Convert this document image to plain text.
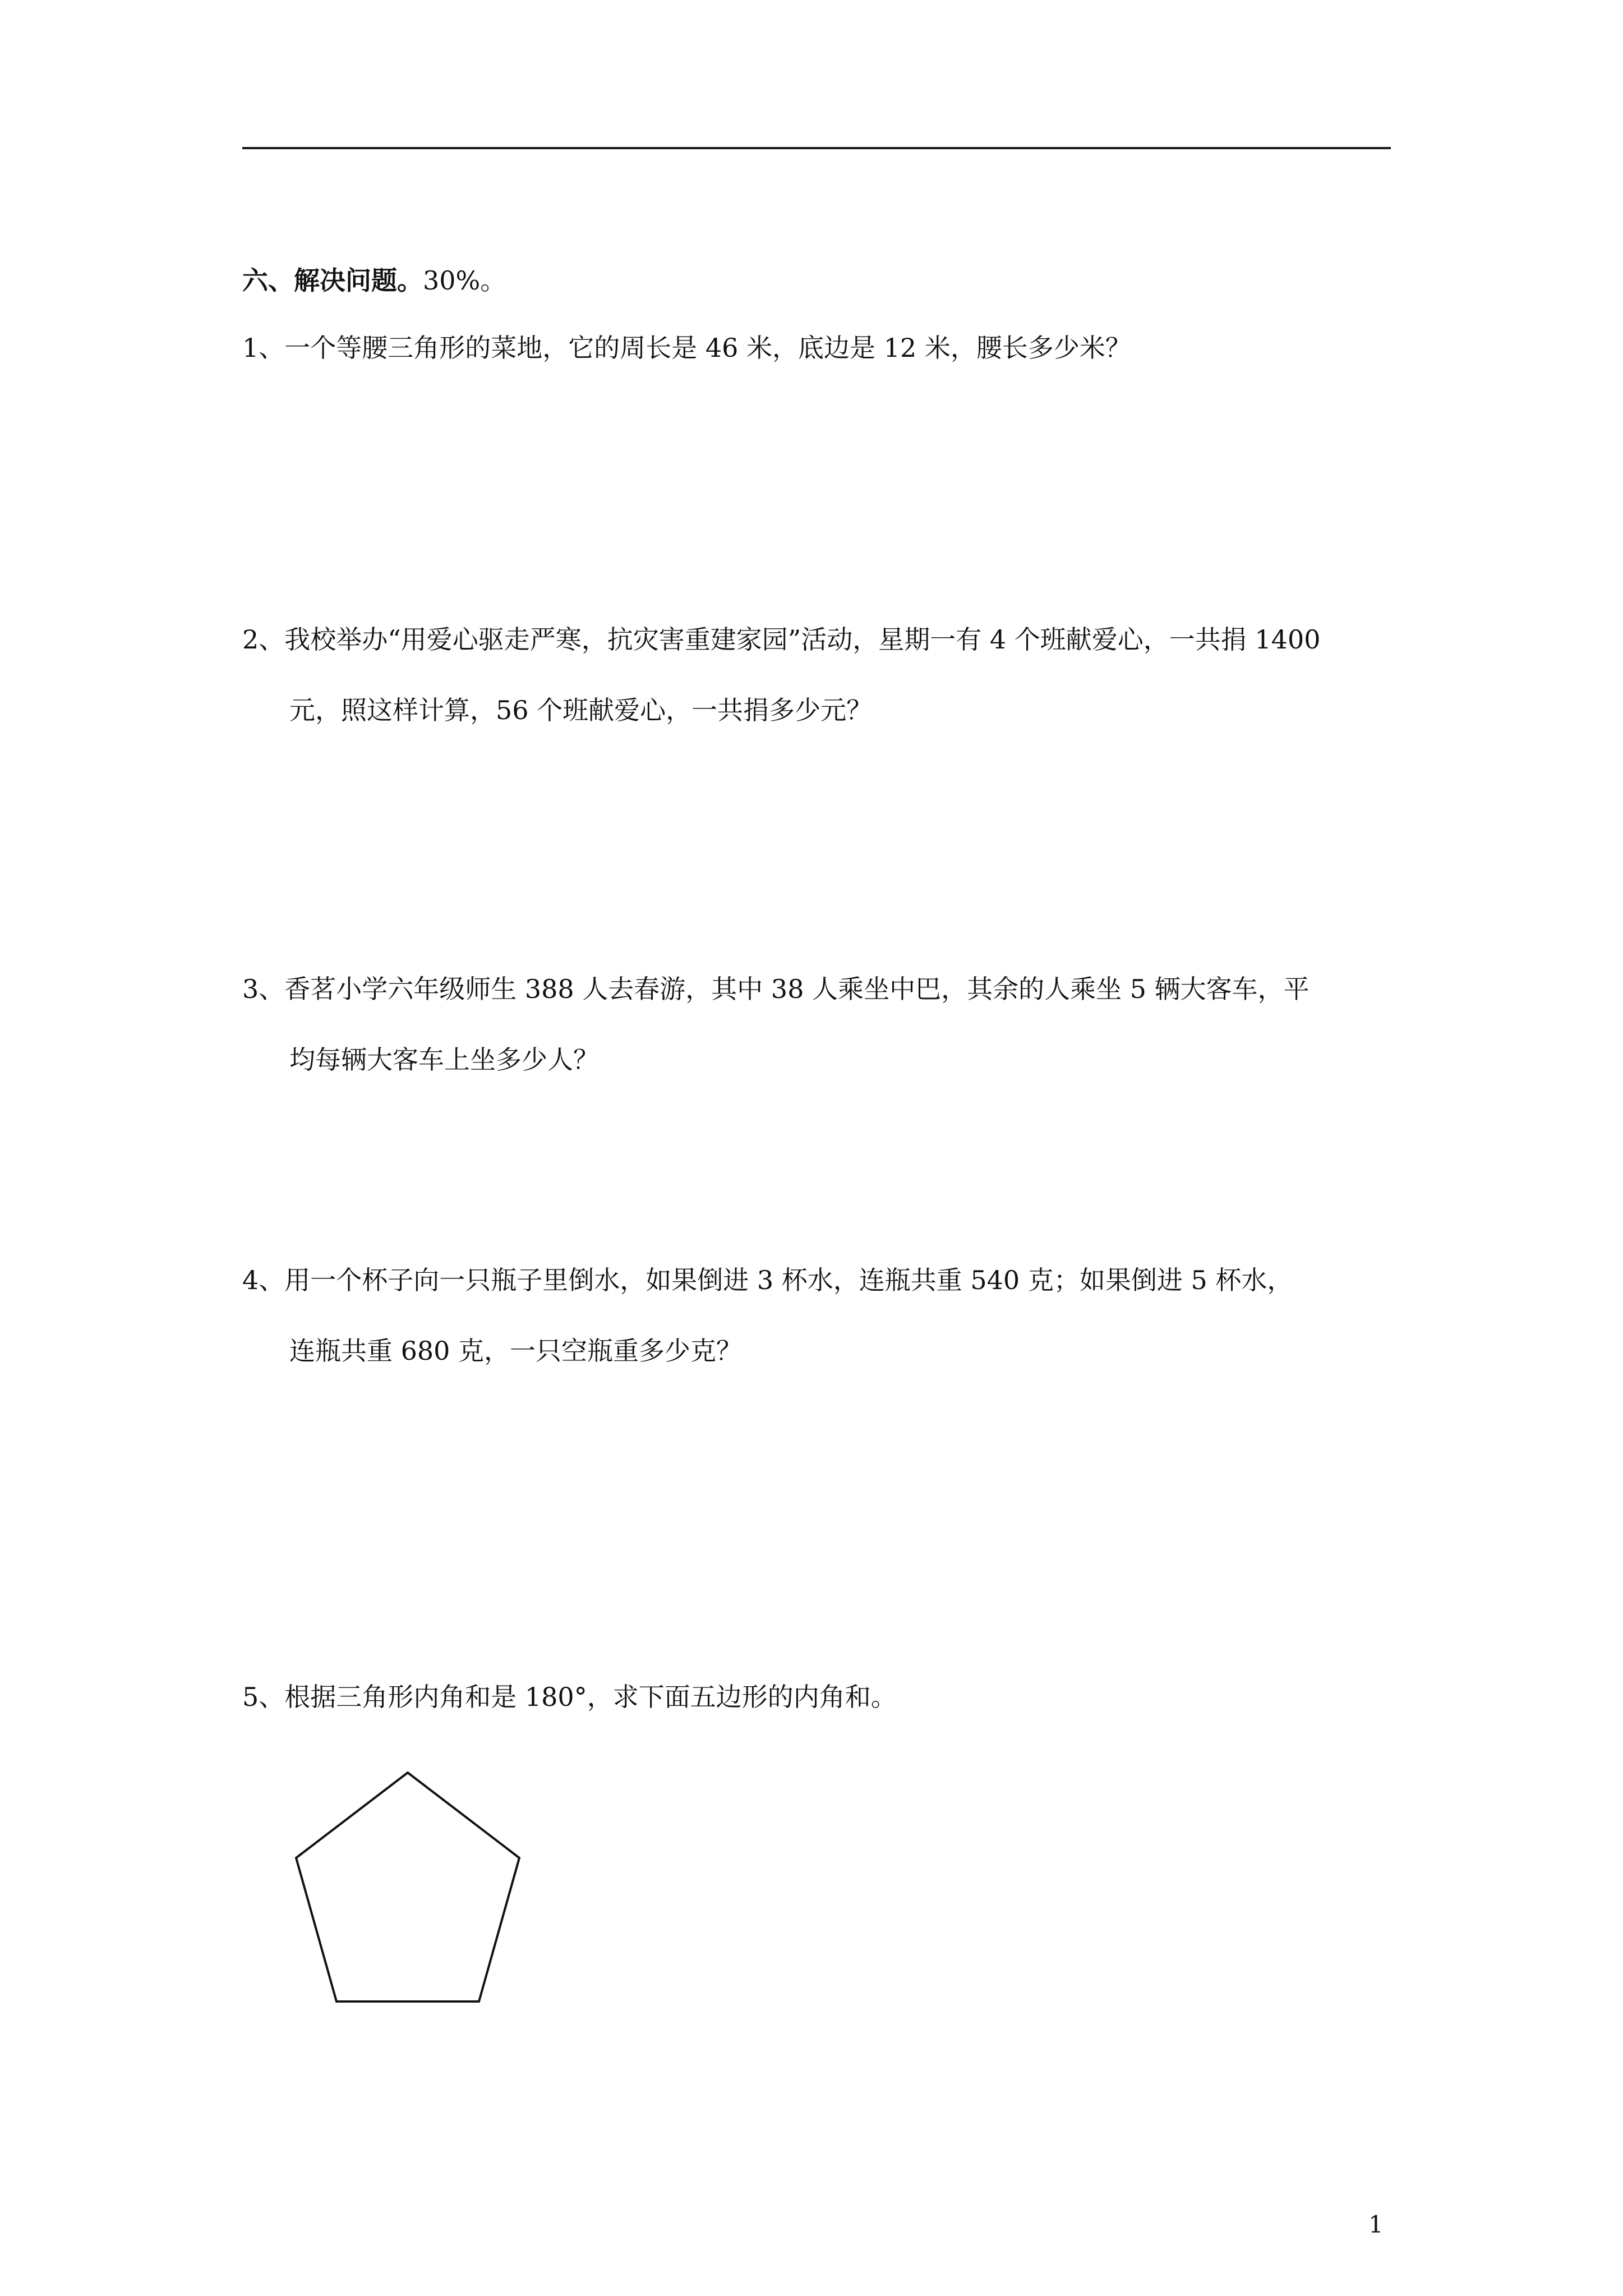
六、解决问题。30%。
1、一个等腰三角形的菜地，它的周长是 46 米，底边是 12 米，腰长多少米？
2、我校举办“用爱心驱走严寒，抗灾害重建家园”活动，星期一有 4 个班献爱心，一共捐 1400
元，照这样计算，56 个班献爱心，一共捐多少元？
3、香茗小学六年级师生 388 人去春游，其中 38 人乘坐中巴，其余的人乘坐 5 辆大客车，平
均每辆大客车上坐多少人？
4、用一个杯子向一只瓶子里倒水，如果倒进 3 杯水，连瓶共重 540 克；如果倒进 5 杯水，
连瓶共重 680 克，一只空瓶重多少克？
5、根据三角形内角和是 180°，求下面五边形的内角和。
1
